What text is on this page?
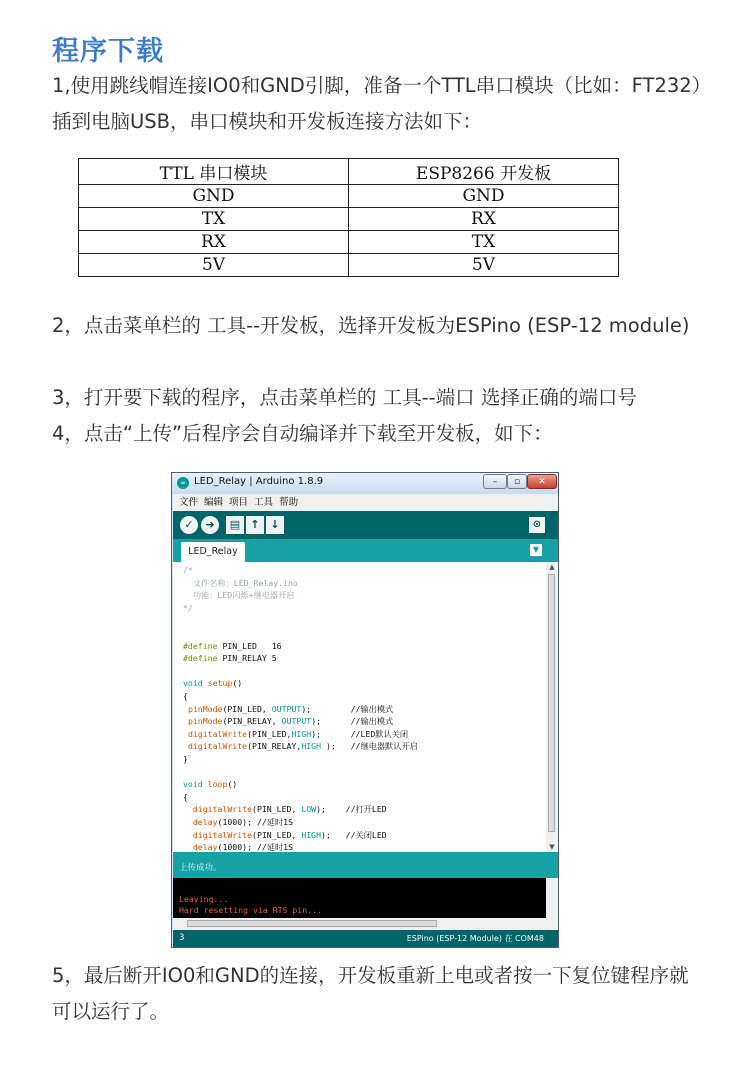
程序下载

1,使用跳线帽连接IO0和GND引脚，准备一个TTL串口模块（比如：FT232）插到电脑USB，串口模块和开发板连接方法如下：

TTL 串口模块	ESP8266 开发板
GND	GND
TX	RX
RX	TX
5V	5V

2，点击菜单栏的 工具--开发板，选择开发板为ESPino (ESP-12 module)

3，打开要下载的程序，点击菜单栏的 工具--端口 选择正确的端口号

4，点击“上传”后程序会自动编译并下载至开发板，如下：

∞ LED_Relay | Arduino 1.8.9	–	▫	✕
文件 编辑 项目 工具 帮助
✓	➜	▤ ↑ ↓	⊙
LED_Relay	▼
/*
文件名称：LED_Relay.ino
功能：LED闪烁+继电器开启
*/
#define PIN_LED   16
#define PIN_RELAY 5
void setup()
{
pinMode(PIN_LED, OUTPUT);        //输出模式
pinMode(PIN_RELAY, OUTPUT);      //输出模式
digitalWrite(PIN_LED,HIGH);      //LED默认关闭
digitalWrite(PIN_RELAY,HIGH );   //继电器默认开启
}
void loop()
{
digitalWrite(PIN_LED, LOW);    //打开LED
delay(1000); //延时1S
digitalWrite(PIN_LED, HIGH);   //关闭LED
delay(1000); //延时1S
▲
▼
上传成功。
Leaving...
Hard resetting via RTS pin...
3	ESPino (ESP-12 Module) 在 COM48

5，最后断开IO0和GND的连接，开发板重新上电或者按一下复位键程序就可以运行了。
